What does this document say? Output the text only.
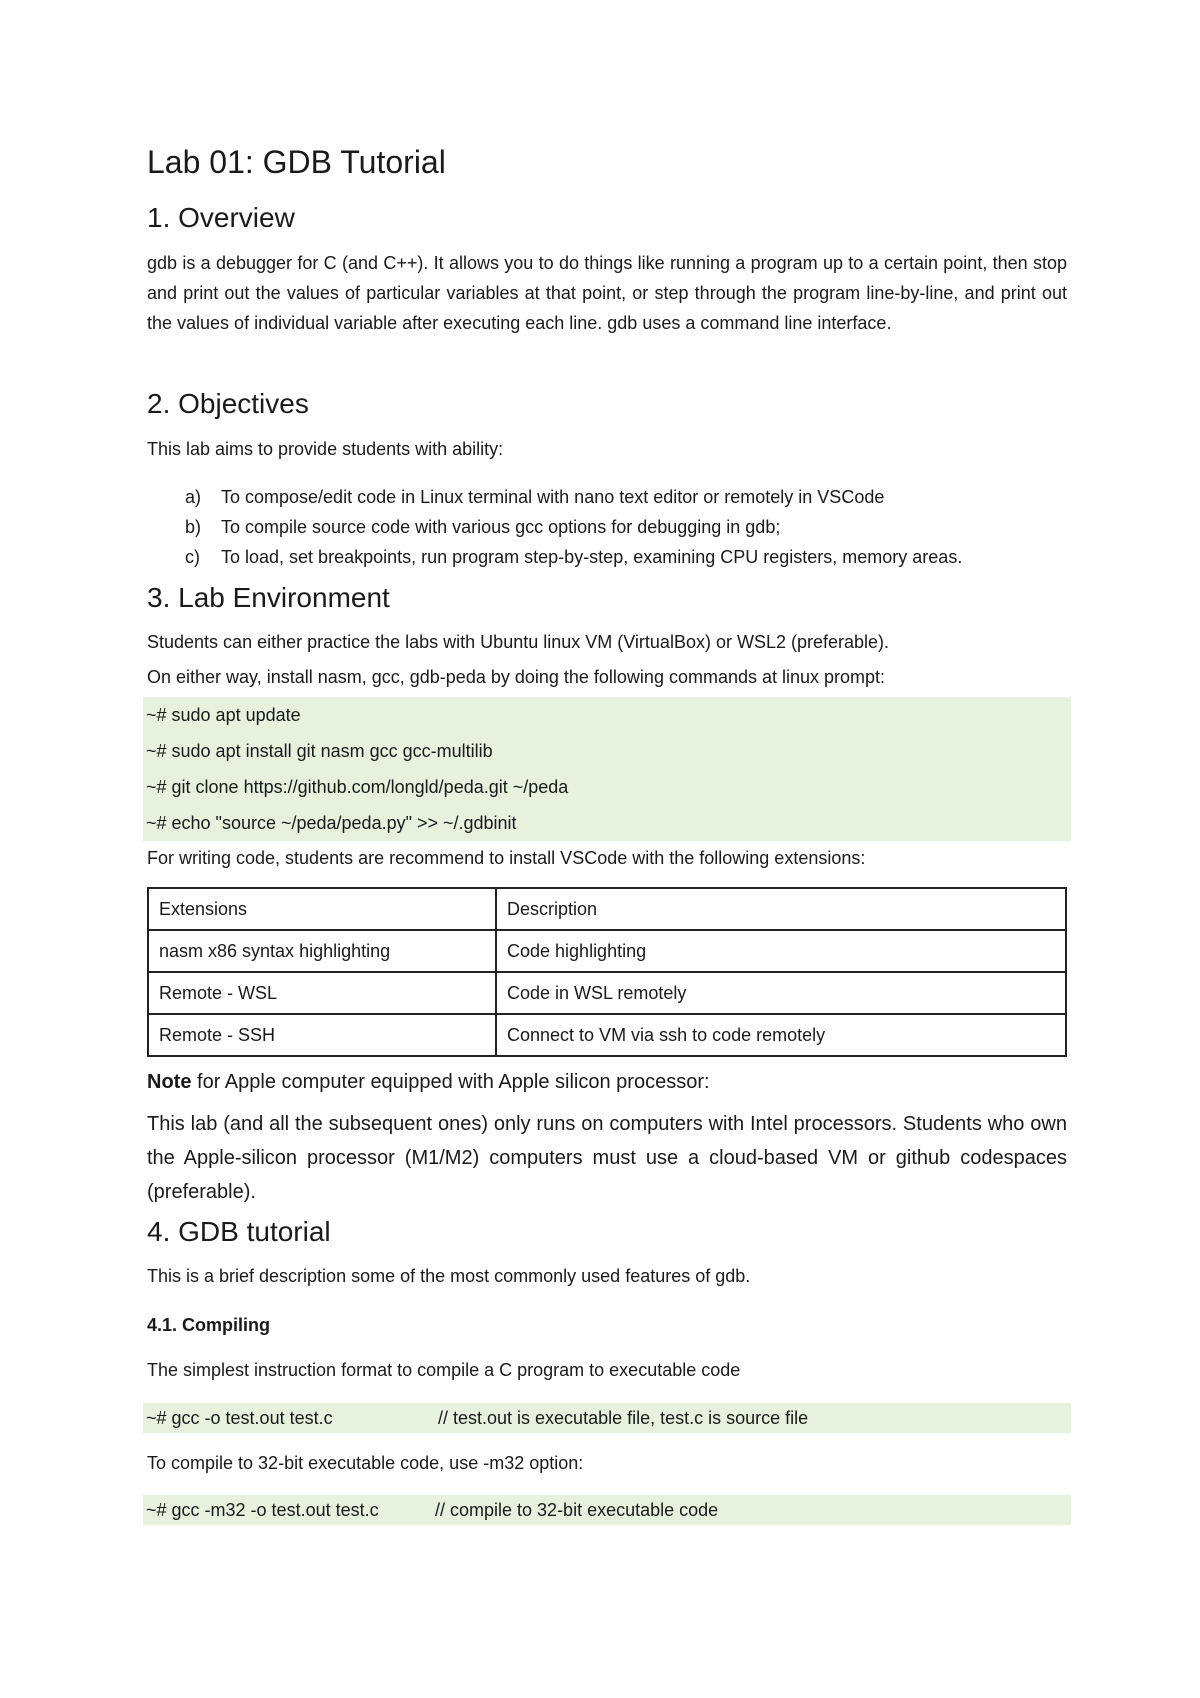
Lab 01: GDB Tutorial
1. Overview

gdb is a debugger for C (and C++). It allows you to do things like running a program up to a certain point, then stop and print out the values of particular variables at that point, or step through the program line-by-line, and print out the values of individual variable after executing each line. gdb uses a command line interface.

2. Objectives

This lab aims to provide students with ability:

a)	To compose/edit code in Linux terminal with nano text editor or remotely in VSCode
b)	To compile source code with various gcc options for debugging in gdb;
c)	To load, set breakpoints, run program step-by-step, examining CPU registers, memory areas.
3. Lab Environment

Students can either practice the labs with Ubuntu linux VM (VirtualBox) or WSL2 (preferable).

On either way, install nasm, gcc, gdb-peda by doing the following commands at linux prompt:

~# sudo apt update
~# sudo apt install git nasm gcc gcc-multilib
~# git clone https://github.com/longld/peda.git ~/peda
~# echo "source ~/peda/peda.py" >> ~/.gdbinit

For writing code, students are recommend to install VSCode with the following extensions:

Extensions	Description
nasm x86 syntax highlighting	Code highlighting
Remote - WSL	Code in WSL remotely
Remote - SSH	Connect to VM via ssh to code remotely

Note for Apple computer equipped with Apple silicon processor:

This lab (and all the subsequent ones) only runs on computers with Intel processors. Students who own the Apple-silicon processor (M1/M2) computers must use a cloud-based VM or github codespaces (preferable).

4. GDB tutorial

This is a brief description some of the most commonly used features of gdb.

4.1. Compiling

The simplest instruction format to compile a C program to executable code

~# gcc -o test.out test.c	// test.out is executable file, test.c is source file

To compile to 32-bit executable code, use -m32 option:

~# gcc -m32 -o test.out test.c	// compile to 32-bit executable code
